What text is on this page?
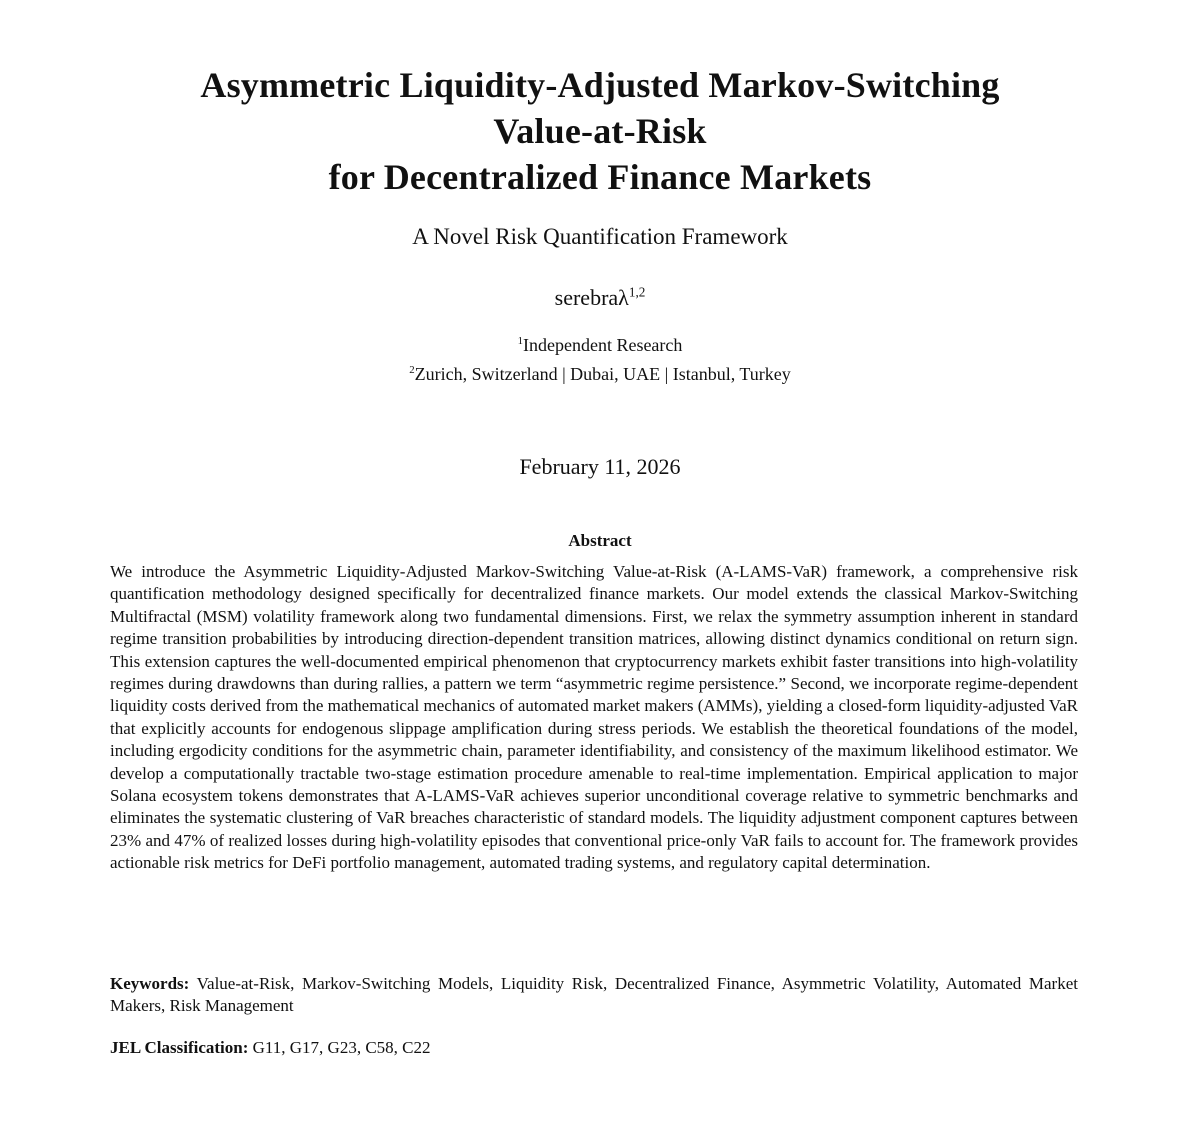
Asymmetric Liquidity-Adjusted Markov-Switching
Value-at-Risk
for Decentralized Finance Markets
A Novel Risk Quantification Framework
serebraλ$^{1,2}$
$^1$Independent Research
$^2$Zurich, Switzerland | Dubai, UAE | Istanbul, Turkey
February 11, 2026
Abstract

We introduce the Asymmetric Liquidity-Adjusted Markov-Switching Value-at-Risk (A-LAMS-VaR) framework, a comprehensive risk quantification methodology designed specifically for decentralized finance markets. Our model extends the classical Markov-Switching Multifractal (MSM) volatility framework along two fundamental dimensions. First, we relax the symmetry assumption inherent in standard regime transition probabilities by introducing direction-dependent transition matrices, allowing distinct dynamics conditional on return sign. This extension captures the well-documented empirical phenomenon that cryptocurrency markets exhibit faster transitions into high-volatility regimes during drawdowns than during rallies, a pattern we term “asymmetric regime persistence.” Second, we incorporate regime-dependent liquidity costs derived from the mathematical mechanics of automated market makers (AMMs), yielding a closed-form liquidity-adjusted VaR that explicitly accounts for endogenous slippage amplification during stress periods. We establish the theoretical foundations of the model, including ergodicity conditions for the asymmetric chain, parameter identifiability, and consistency of the maximum likelihood estimator. We develop a computationally tractable two-stage estimation procedure amenable to real-time implementation. Empirical application to major Solana ecosystem tokens demonstrates that A-LAMS-VaR achieves superior unconditional coverage relative to symmetric benchmarks and eliminates the systematic clustering of VaR breaches characteristic of standard models. The liquidity adjustment component captures between 23% and 47% of realized losses during high-volatility episodes that conventional price-only VaR fails to account for. The framework provides actionable risk metrics for DeFi portfolio management, automated trading systems, and regulatory capital determination.

Keywords: Value-at-Risk, Markov-Switching Models, Liquidity Risk, Decentralized Finance, Asymmetric Volatility, Automated Market Makers, Risk Management

JEL Classification: G11, G17, G23, C58, C22
